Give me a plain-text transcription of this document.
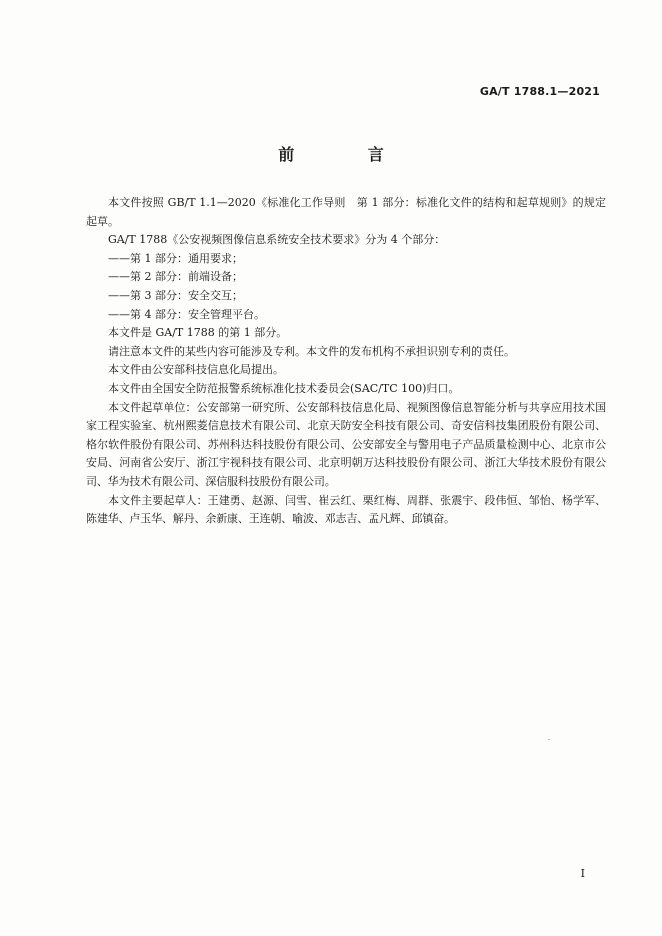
GA/T 1788.1—2021
前 言

本文件按照 GB/T 1.1—2020《标准化工作导则　第 1 部分：标准化文件的结构和起草规则》的规定起草。

GA/T 1788《公安视频图像信息系统安全技术要求》分为 4 个部分：

——第 1 部分：通用要求；

——第 2 部分：前端设备；

——第 3 部分：安全交互；

——第 4 部分：安全管理平台。

本文件是 GA/T 1788 的第 1 部分。

请注意本文件的某些内容可能涉及专利。本文件的发布机构不承担识别专利的责任。

本文件由公安部科技信息化局提出。

本文件由全国安全防范报警系统标准化技术委员会(SAC/TC 100)归口。

本文件起草单位：公安部第一研究所、公安部科技信息化局、视频图像信息智能分析与共享应用技术国家工程实验室、杭州熙菱信息技术有限公司、北京天防安全科技有限公司、奇安信科技集团股份有限公司、格尔软件股份有限公司、苏州科达科技股份有限公司、公安部安全与警用电子产品质量检测中心、北京市公安局、河南省公安厅、浙江宇视科技有限公司、北京明朝万达科技股份有限公司、浙江大华技术股份有限公司、华为技术有限公司、深信服科技股份有限公司。

本文件主要起草人：王建勇、赵源、闫雪、崔云红、栗红梅、周群、张震宇、段伟恒、邹怡、杨学军、陈建华、卢玉华、解丹、余新康、王连朝、喻波、邓志吉、孟凡辉、邱镇奋。

I
